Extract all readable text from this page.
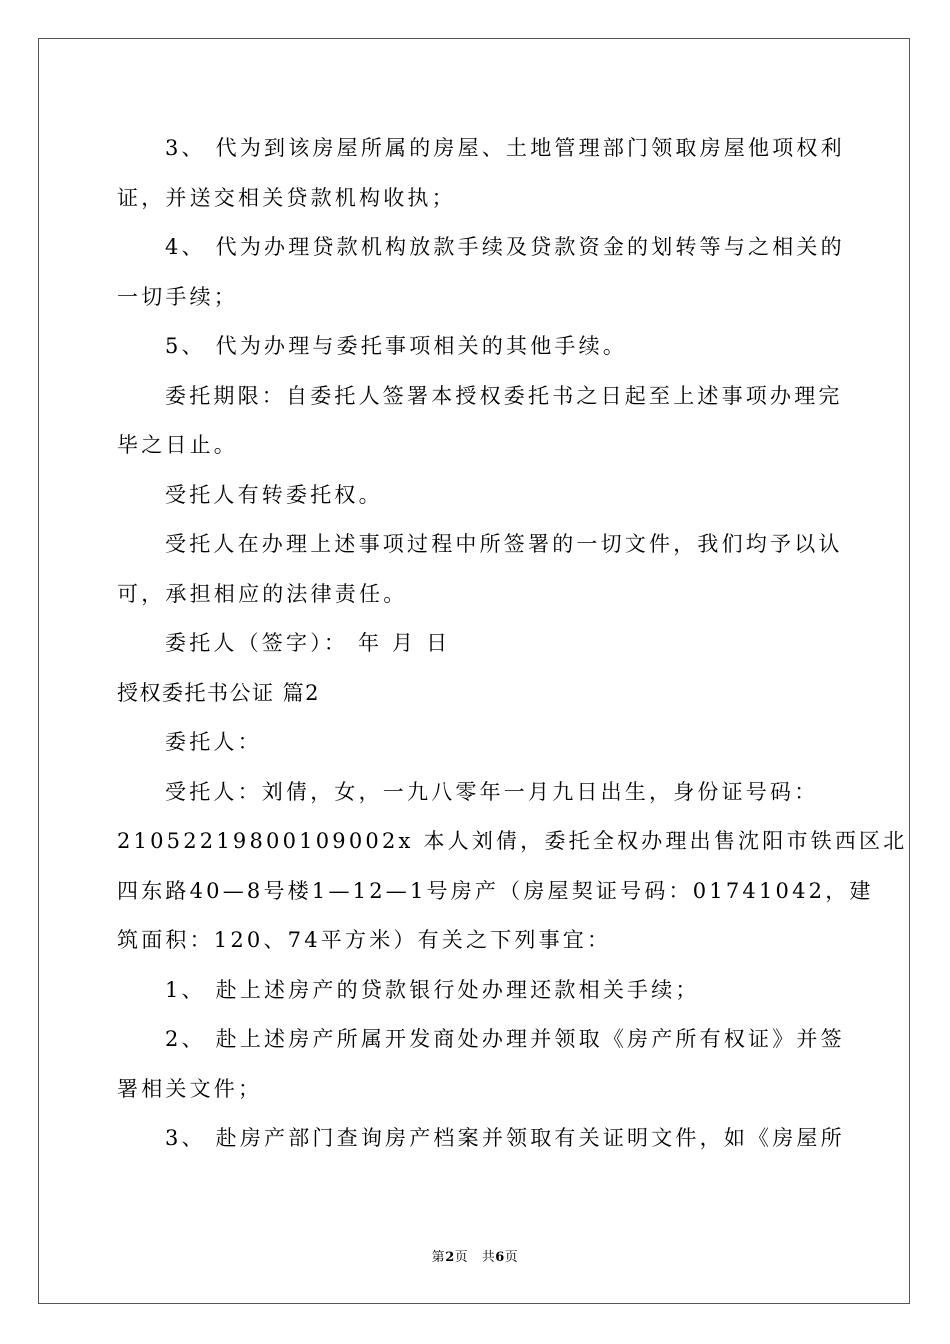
3、 代为到该房屋所属的房屋、土地管理部门领取房屋他项权利
证，并送交相关贷款机构收执；

4、 代为办理贷款机构放款手续及贷款资金的划转等与之相关的
一切手续；

5、 代为办理与委托事项相关的其他手续。

委托期限：自委托人签署本授权委托书之日起至上述事项办理完
毕之日止。

受托人有转委托权。

受托人在办理上述事项过程中所签署的一切文件，我们均予以认
可，承担相应的法律责任。

委托人（签字）： 年 月 日

授权委托书公证 篇2

委托人：

受托人：刘倩，女，一九八零年一月九日出生，身份证号码：
21052219800109002x 本人刘倩，委托全权办理出售沈阳市铁西区北
四东路40—8号楼1—12—1号房产（房屋契证号码：01741042，建
筑面积：120、74平方米）有关之下列事宜：

1、 赴上述房产的贷款银行处办理还款相关手续；

2、 赴上述房产所属开发商处办理并领取《房产所有权证》并签
署相关文件；

3、 赴房产部门查询房产档案并领取有关证明文件，如《房屋所

第2页　共6页
